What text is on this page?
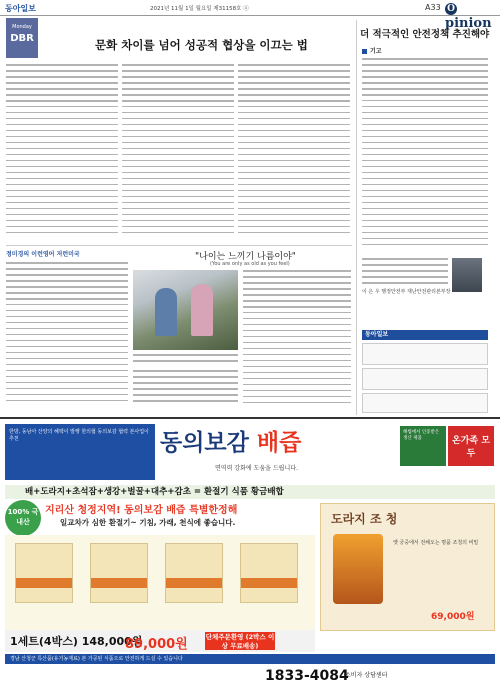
동아일보	2021년 11월 1일 월요일 제31158호 ⓐ	A33 Opinion
Monday
DBR	문화 차이를 넘어 성공적 협상을 이끄는 법
더 적극적인 안전정책 추진해야
기고
이 은 우 행정안전부 재난안전관리본부장
정미경의 이런영어 저런미국	"나이는 느끼기 나름이야"
(You are only as old as you feel)
동아일보
한방, 동남아 산양의 혜택이 발행 한의협 동의보감 협력 본사업이 추천	동의보감 배즙
면역력 강화에 도움을 드립니다.
해썹에서 인증받은 생산 제품	온가족 모두
배+도라지+초석잠+생강+벌꿀+대추+감초 = 환절기 식품 황금배합
100% 국내산
지리산 청정지역! 동의보감 배즙 특별한정해
일교차가 심한 환절기~ 기침, 가래, 천식에 좋습니다.
1세트(4박스) 148,000원
89,000원	단체주문환영 (2박스 이상 무료배송)
도라지 조 청
옛 궁중에서 전해오는 명품 조청의 비밀
69,000원
경남 산청군 특산품(유기농재료) 본 가공된 식품으로 안전하게 드실 수 있습니다
1833-4084
소비자 상담센터
